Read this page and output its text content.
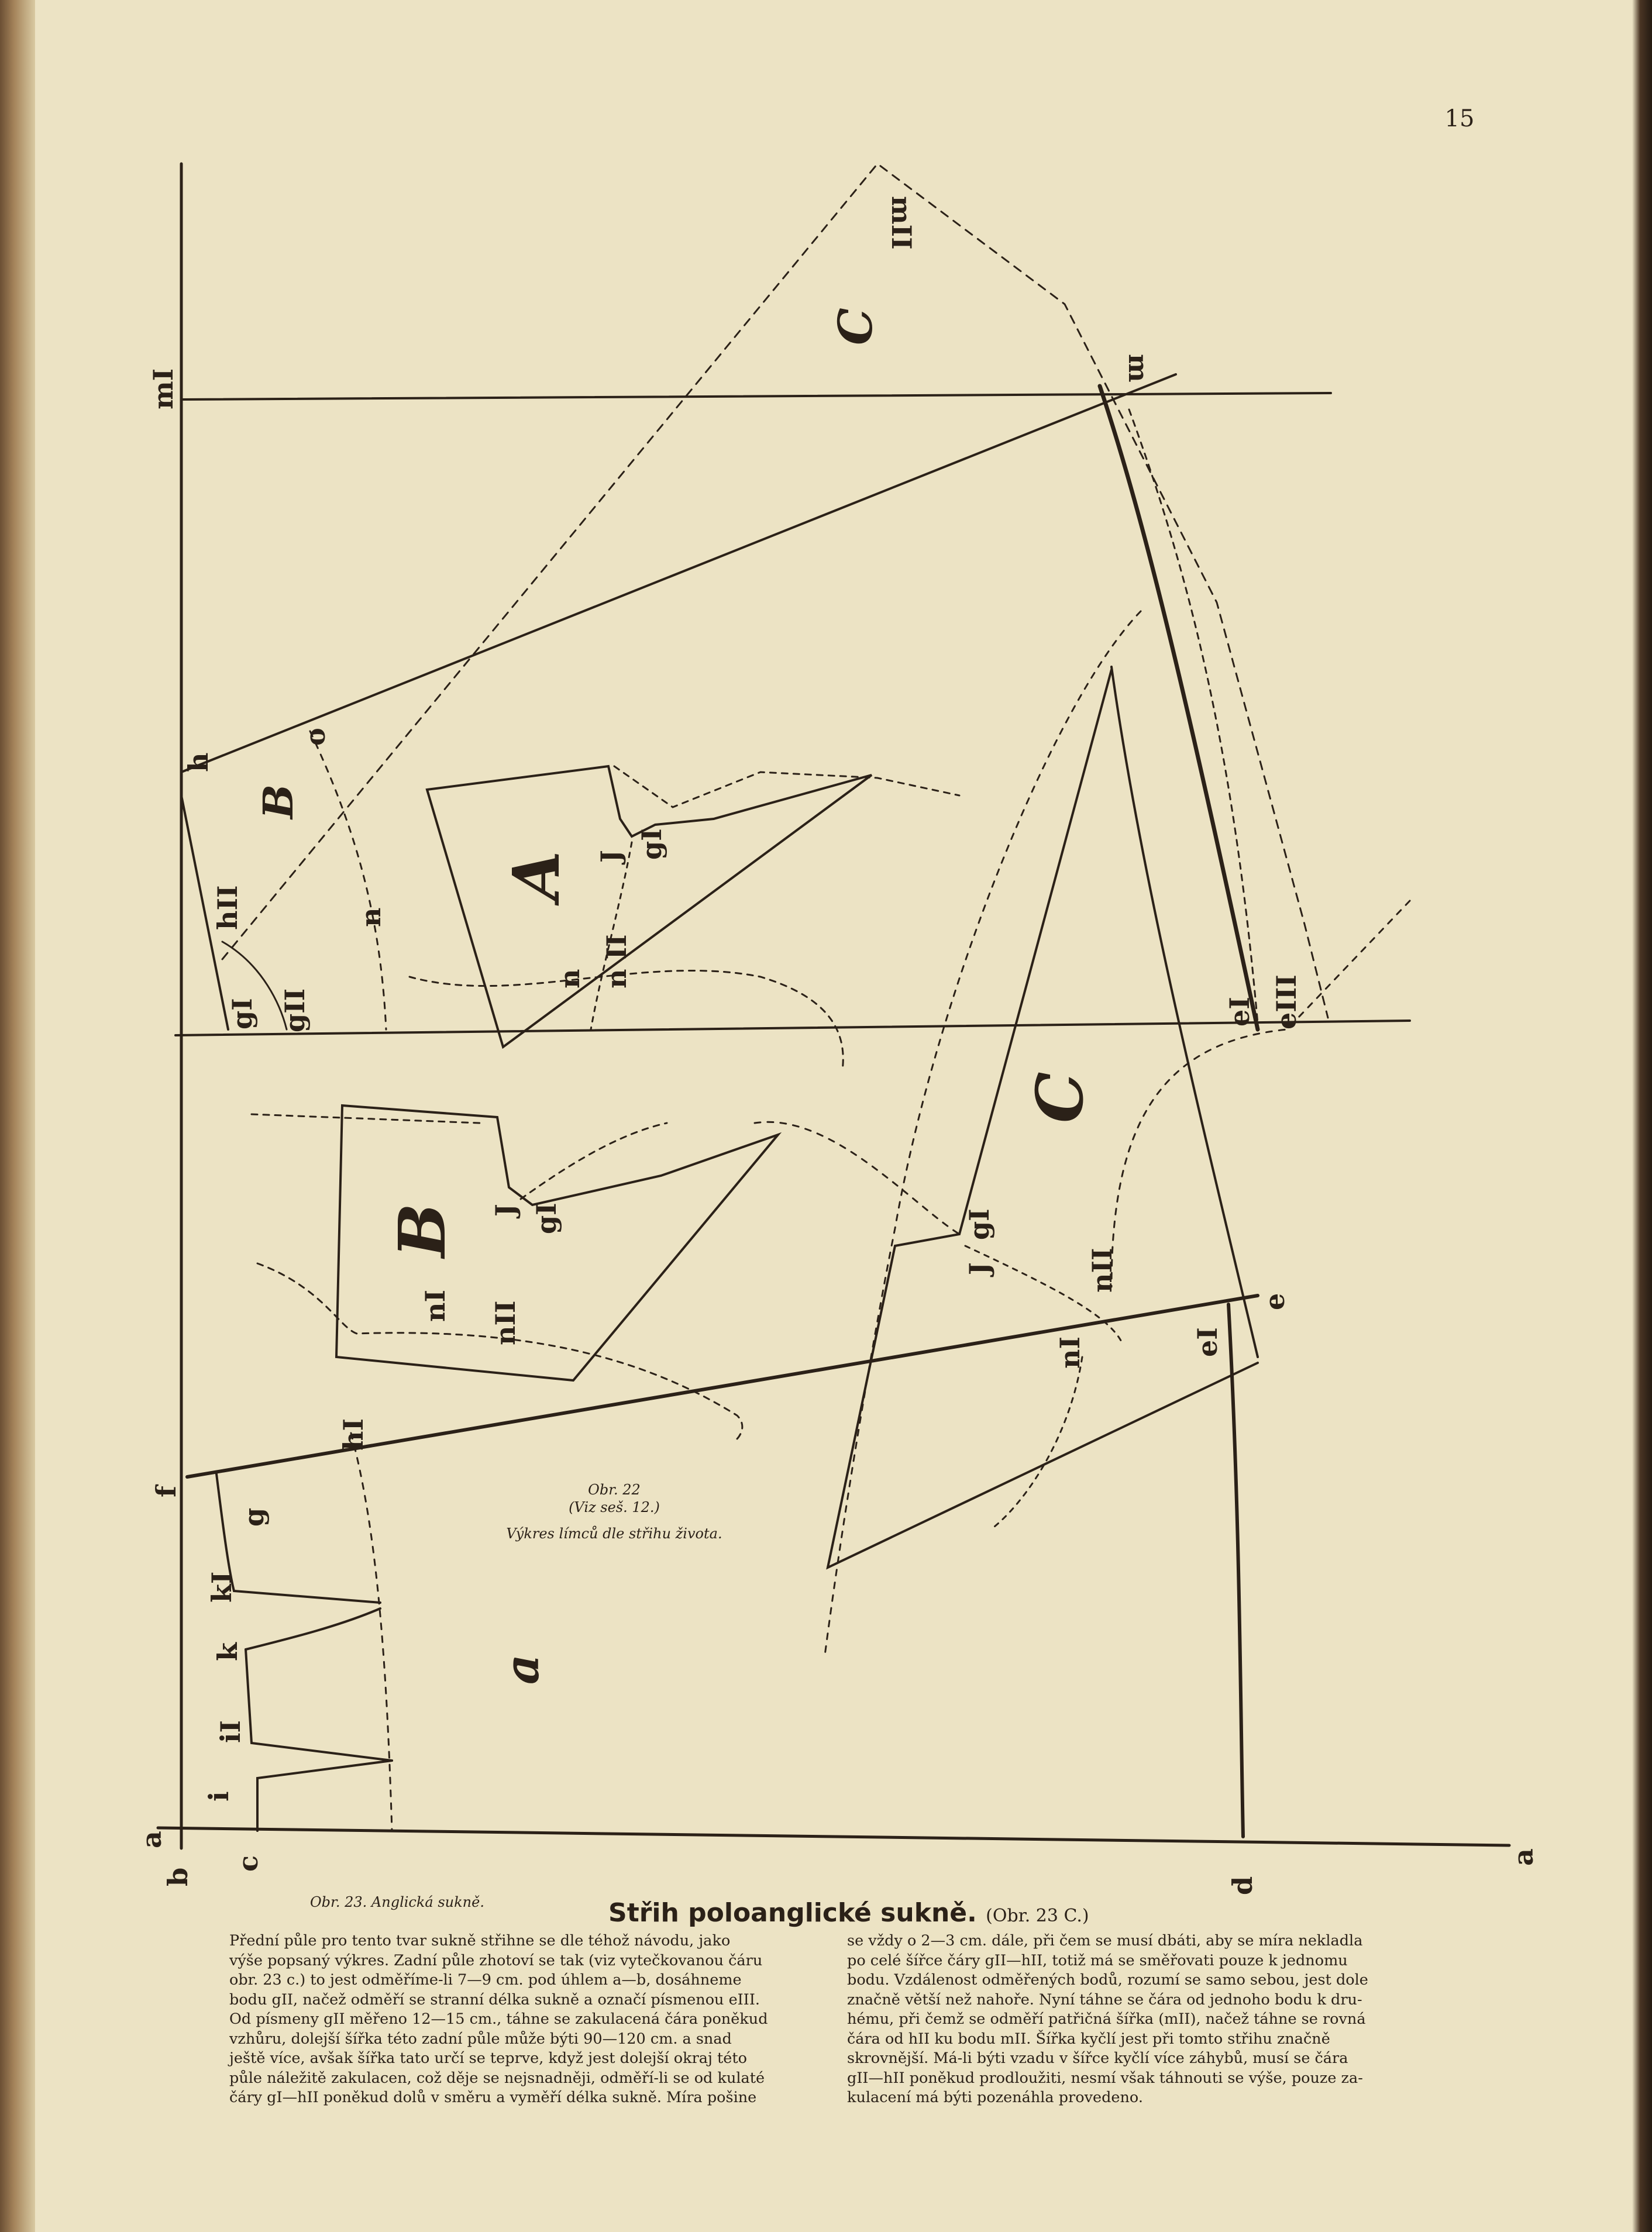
15
mI
mII
m
h
hII
o
n
gI gII
J gI
n n II
A
B
B J gI
nI nII
C
C
J
gI
nII
nI
eI eIII
e
eI
f
g
hI
kI
k
iI
i
a
b
c
d
a
a
Obr. 22
(Viz seš. 12.)
Výkres límců dle střihu života.
Obr. 23. Anglická sukně.	Střih poloanglické sukně. (Obr. 23 C.)

Přední půle pro tento tvar sukně střihne se dle téhož návodu, jako

výše popsaný výkres. Zadní půle zhotoví se tak (viz vytečkovanou čáru

obr. 23 c.) to jest odměříme-li 7—9 cm. pod úhlem a—b, dosáhneme

bodu gII, načež odměří se stranní délka sukně a označí písmenou eIII.

Od písmeny gII měřeno 12—15 cm., táhne se zakulacená čára poněkud

vzhůru, dolejší šířka této zadní půle může býti 90—120 cm. a snad

ještě více, avšak šířka tato určí se teprve, když jest dolejší okraj této

půle náležitě zakulacen, což děje se nejsnadněji, odměří-li se od kulaté

čáry gI—hII poněkud dolů v směru a vyměří délka sukně. Míra pošine

se vždy o 2—3 cm. dále, při čem se musí dbáti, aby se míra nekladla

po celé šířce čáry gII—hII, totiž má se směřovati pouze k jednomu

bodu. Vzdálenost odměřených bodů, rozumí se samo sebou, jest dole

značně větší než nahoře. Nyní táhne se čára od jednoho bodu k dru-

hému, při čemž se odměří patřičná šířka (mII), načež táhne se rovná

čára od hII ku bodu mII. Šířka kyčlí jest při tomto střihu značně

skrovnější. Má-li býti vzadu v šířce kyčlí více záhybů, musí se čára

gII—hII poněkud prodloužiti, nesmí však táhnouti se výše, pouze za-

kulacení má býti pozenáhla provedeno.
